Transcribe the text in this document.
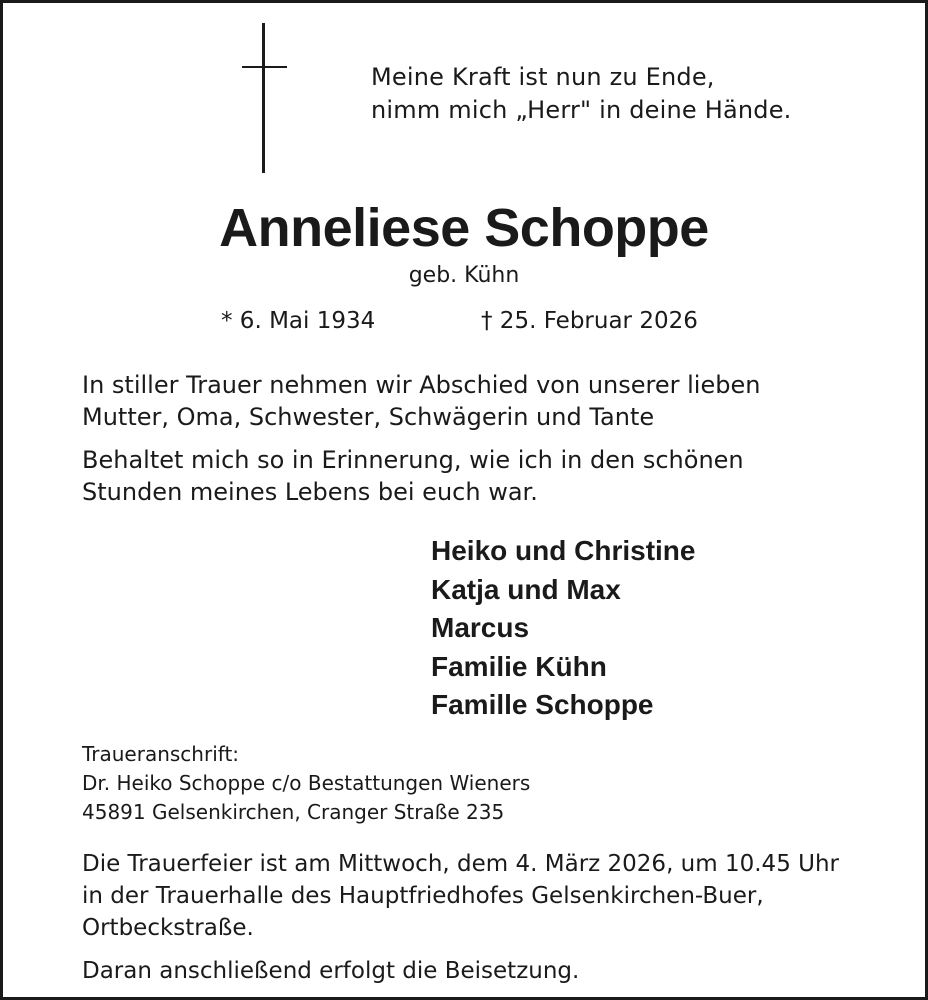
Meine Kraft ist nun zu Ende,
nimm mich „Herr" in deine Hände.
Anneliese Schoppe
geb. Kühn
* 6. Mai 1934	† 25. Februar 2026
In stiller Trauer nehmen wir Abschied von unserer lieben
Mutter, Oma, Schwester, Schwägerin und Tante
Behaltet mich so in Erinnerung, wie ich in den schönen
Stunden meines Lebens bei euch war.
Heiko und Christine
Katja und Max
Marcus
Familie Kühn
Famille Schoppe
Traueranschrift:
Dr. Heiko Schoppe c/o Bestattungen Wieners
45891 Gelsenkirchen, Cranger Straße 235
Die Trauerfeier ist am Mittwoch, dem 4. März 2026, um 10.45 Uhr
in der Trauerhalle des Hauptfriedhofes Gelsenkirchen-Buer,
Ortbeckstraße.
Daran anschließend erfolgt die Beisetzung.
